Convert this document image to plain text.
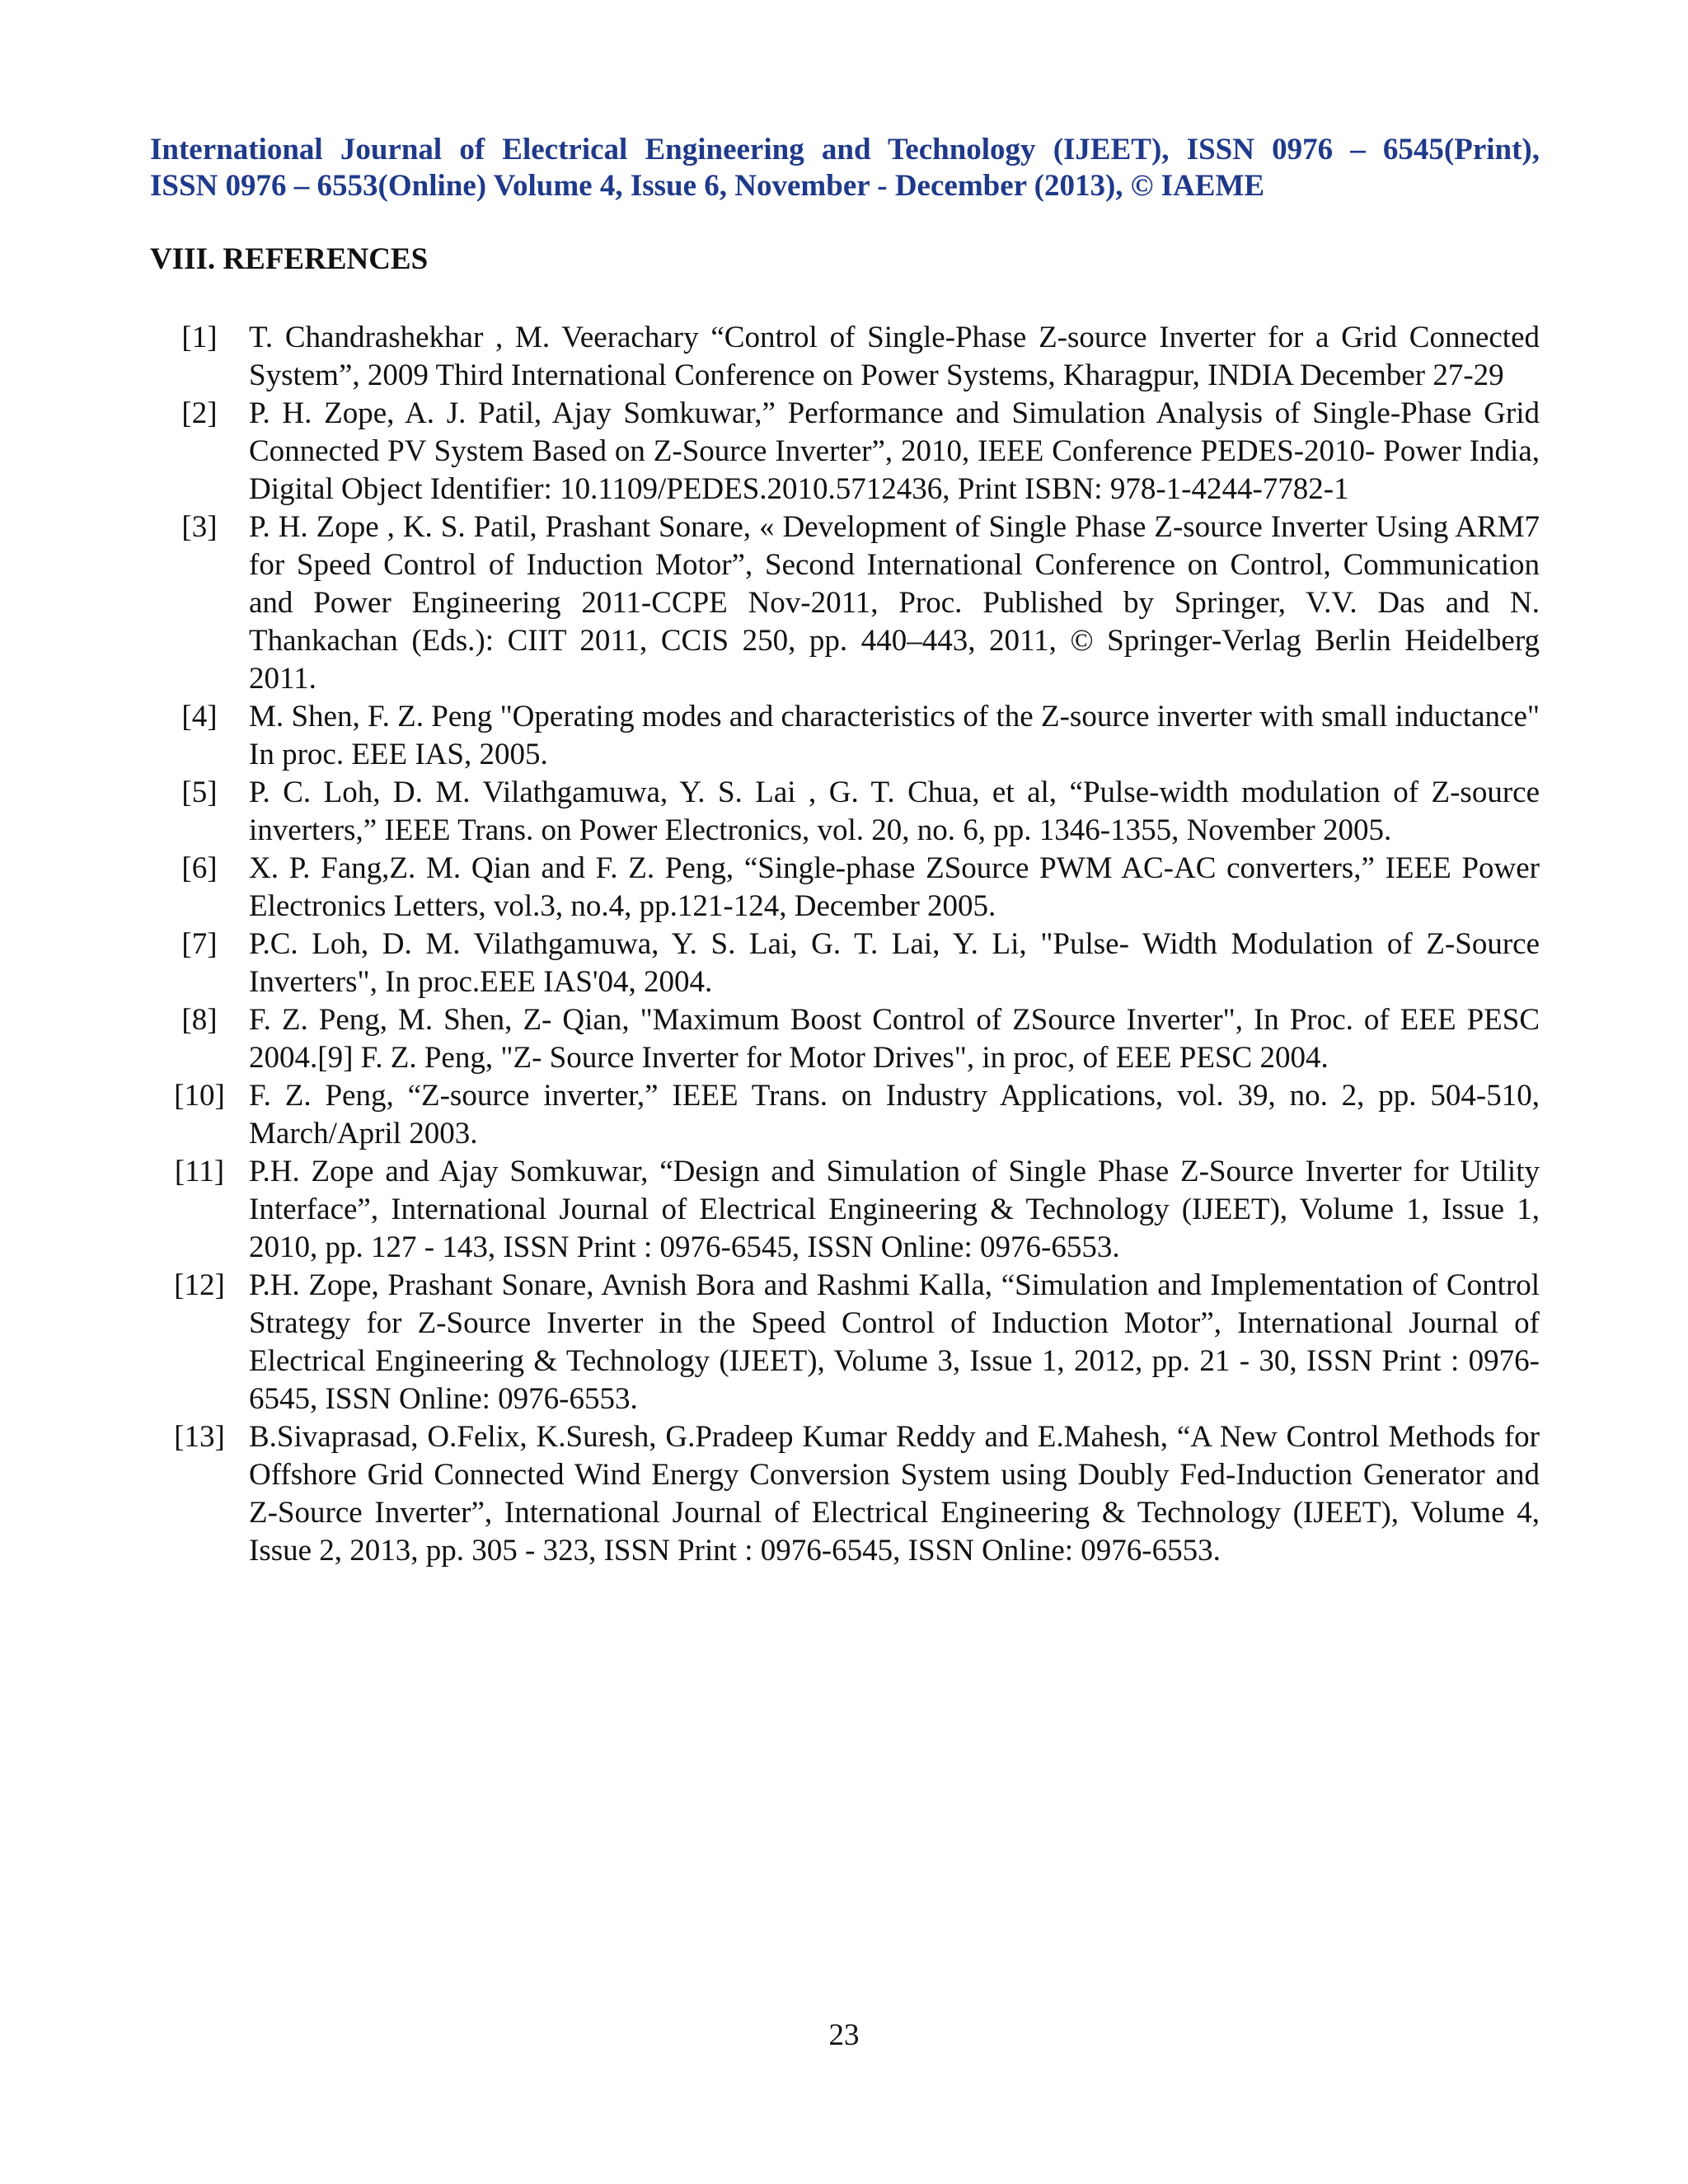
International Journal of Electrical Engineering and Technology (IJEET), ISSN 0976 – 6545(Print),
ISSN 0976 – 6553(Online) Volume 4, Issue 6, November - December (2013), © IAEME
VIII. REFERENCES
[1]	T. Chandrashekhar , M. Veerachary “Control of Single-Phase Z-source Inverter for a Grid Connected System”, 2009 Third International Conference on Power Systems, Kharagpur, INDIA December 27-29
[2]	P. H. Zope, A. J. Patil, Ajay Somkuwar,” Performance and Simulation Analysis of Single-Phase Grid Connected PV System Based on Z-Source Inverter”, 2010, IEEE Conference PEDES-2010- Power India, Digital Object Identifier: 10.1109/PEDES.2010.5712436, Print ISBN: 978-1-4244-7782-1
[3]	P. H. Zope , K. S. Patil, Prashant Sonare, « Development of Single Phase Z-source Inverter Using ARM7 for Speed Control of Induction Motor”, Second International Conference on Control, Communication and Power Engineering 2011-CCPE Nov-2011, Proc. Published by Springer, V.V. Das and N. Thankachan (Eds.): CIIT 2011, CCIS 250, pp. 440–443, 2011, © Springer-Verlag Berlin Heidelberg 2011.
[4]	M. Shen, F. Z. Peng "Operating modes and characteristics of the Z-source inverter with small inductance" In proc. EEE IAS, 2005.
[5]	P. C. Loh, D. M. Vilathgamuwa, Y. S. Lai , G. T. Chua, et al, “Pulse-width modulation of Z-source inverters,” IEEE Trans. on Power Electronics, vol. 20, no. 6, pp. 1346-1355, November 2005.
[6]	X. P. Fang,Z. M. Qian and F. Z. Peng, “Single-phase ZSource PWM AC-AC converters,” IEEE Power Electronics Letters, vol.3, no.4, pp.121-124, December 2005.
[7]	P.C. Loh, D. M. Vilathgamuwa, Y. S. Lai, G. T. Lai, Y. Li, "Pulse- Width Modulation of Z-Source Inverters", In proc.EEE IAS'04, 2004.
[8]	F. Z. Peng, M. Shen, Z- Qian, "Maximum Boost Control of ZSource Inverter", In Proc. of EEE PESC 2004.[9] F. Z. Peng, "Z- Source Inverter for Motor Drives", in proc, of EEE PESC 2004.
[10] F. Z. Peng, “Z-source inverter,” IEEE Trans. on Industry Applications, vol. 39, no. 2, pp. 504-510, March/April 2003.
[11] P.H. Zope and Ajay Somkuwar, “Design and Simulation of Single Phase Z-Source Inverter for Utility Interface”, International Journal of Electrical Engineering & Technology (IJEET), Volume 1, Issue 1, 2010, pp. 127 - 143, ISSN Print : 0976-6545, ISSN Online: 0976-6553.
[12] P.H. Zope, Prashant Sonare, Avnish Bora and Rashmi Kalla, “Simulation and Implementation of Control Strategy for Z-Source Inverter in the Speed Control of Induction Motor”, International Journal of Electrical Engineering & Technology (IJEET), Volume 3, Issue 1, 2012, pp. 21 - 30, ISSN Print : 0976-6545, ISSN Online: 0976-6553.
[13] B.Sivaprasad, O.Felix, K.Suresh, G.Pradeep Kumar Reddy and E.Mahesh, “A New Control Methods for Offshore Grid Connected Wind Energy Conversion System using Doubly Fed-Induction Generator and Z-Source Inverter”, International Journal of Electrical Engineering & Technology (IJEET), Volume 4, Issue 2, 2013, pp. 305 - 323, ISSN Print : 0976-6545, ISSN Online: 0976-6553.
23
